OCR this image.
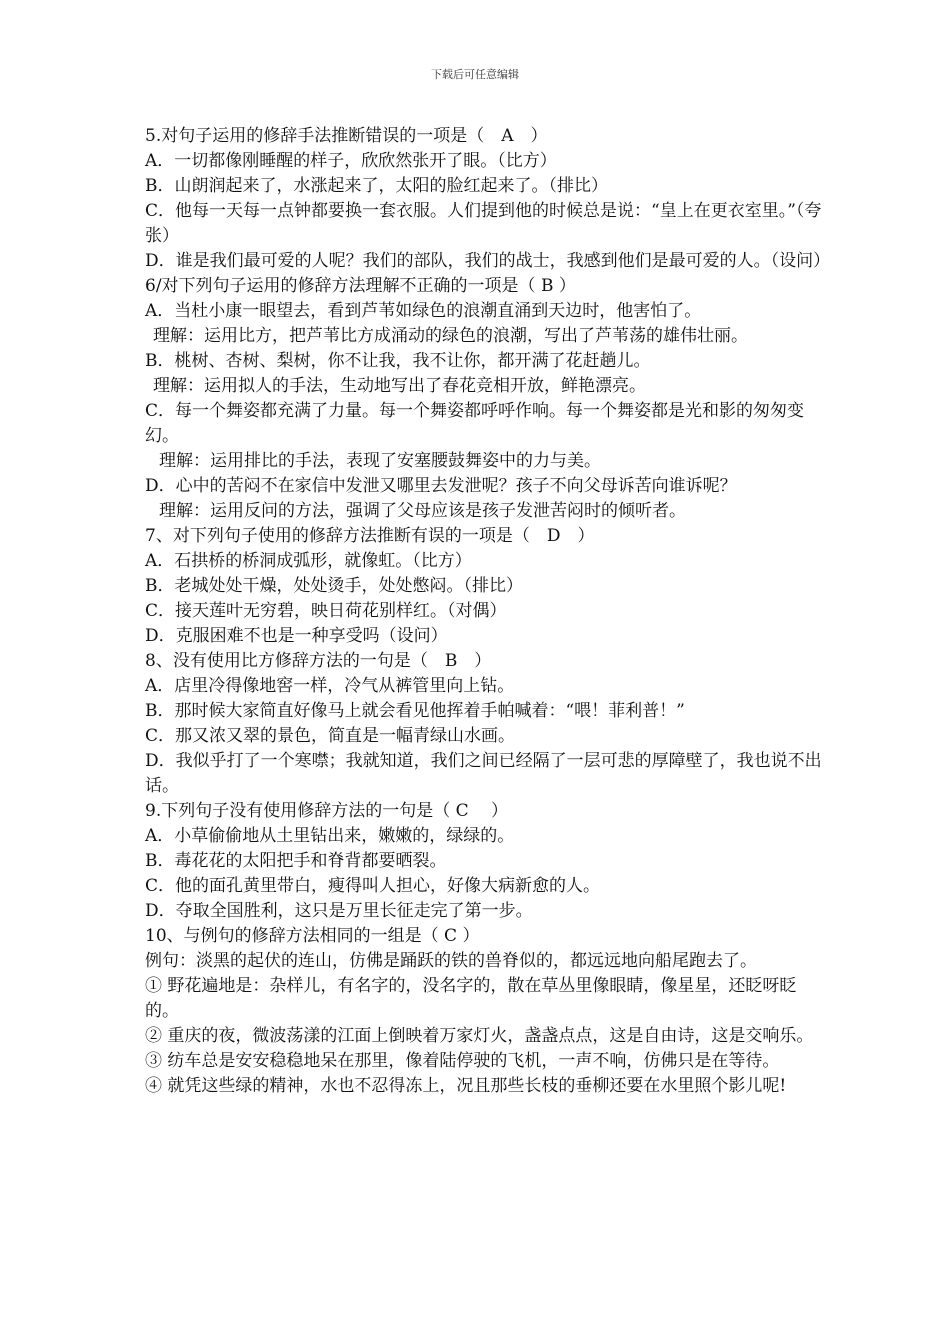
下载后可任意编辑
5.对句子运用的修辞手法推断错误的一项是（　A　）
A．一切都像刚睡醒的样子，欣欣然张开了眼。（比方）
B．山朗润起来了，水涨起来了，太阳的脸红起来了。（排比）
C．他每一天每一点钟都要换一套衣服。人们提到他的时候总是说：“皇上在更衣室里。”（夸张）
D．谁是我们最可爱的人呢？我们的部队，我们的战士，我感到他们是最可爱的人。（设问）
6/对下列句子运用的修辞方法理解不正确的一项是（ B ）
A．当杜小康一眼望去，看到芦苇如绿色的浪潮直涌到天边时，他害怕了。
理解：运用比方，把芦苇比方成涌动的绿色的浪潮，写出了芦苇荡的雄伟壮丽。
B．桃树、杏树、梨树，你不让我，我不让你，都开满了花赶趟儿。
理解：运用拟人的手法，生动地写出了春花竞相开放，鲜艳漂亮。
C．每一个舞姿都充满了力量。每一个舞姿都呼呼作响。每一个舞姿都是光和影的匆匆变幻。
理解：运用排比的手法，表现了安塞腰鼓舞姿中的力与美。
D．心中的苦闷不在家信中发泄又哪里去发泄呢？孩子不向父母诉苦向谁诉呢？
理解：运用反问的方法，强调了父母应该是孩子发泄苦闷时的倾听者。
7、对下列句子使用的修辞方法推断有误的一项是（　D　）
A．石拱桥的桥洞成弧形，就像虹。（比方）
B．老城处处干燥，处处烫手，处处憋闷。（排比）
C．接天莲叶无穷碧，映日荷花别样红。（对偶）
D．克服困难不也是一种享受吗（设问）
8、没有使用比方修辞方法的一句是（　B　）
A．店里冷得像地窖一样，冷气从裤管里向上钻。
B．那时候大家简直好像马上就会看见他挥着手帕喊着：“喂！菲利普！”
C．那又浓又翠的景色，简直是一幅青绿山水画。
D．我似乎打了一个寒噤；我就知道，我们之间已经隔了一层可悲的厚障壁了，我也说不出话。
9.下列句子没有使用修辞方法的一句是（ C　 ）
A．小草偷偷地从土里钻出来，嫩嫩的，绿绿的。
B．毒花花的太阳把手和脊背都要晒裂。
C．他的面孔黄里带白，瘦得叫人担心，好像大病新愈的人。
D．夺取全国胜利，这只是万里长征走完了第一步。
10、与例句的修辞方法相同的一组是（ C ）
例句：淡黑的起伏的连山，仿佛是踊跃的铁的兽脊似的，都远远地向船尾跑去了。
① 野花遍地是：杂样儿，有名字的，没名字的，散在草丛里像眼睛，像星星，还眨呀眨的。
② 重庆的夜，微波荡漾的江面上倒映着万家灯火，盏盏点点，这是自由诗，这是交响乐。
③ 纺车总是安安稳稳地呆在那里，像着陆停驶的飞机，一声不响，仿佛只是在等待。
④ 就凭这些绿的精神，水也不忍得冻上，况且那些长枝的垂柳还要在水里照个影儿呢!
